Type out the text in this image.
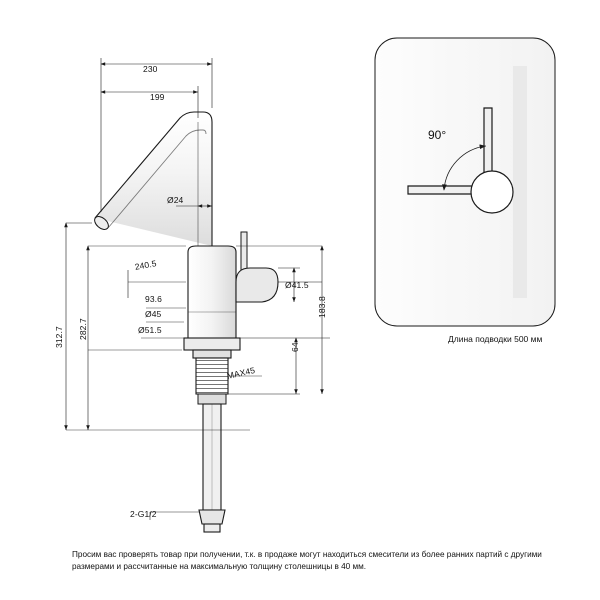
230
199
Ø24
312.7 282.7
240.5
93.6
Ø45
Ø51.5
Ø41.5
183.8
64
MAX45
2-G1/2
90°
Длина подводки 500 мм
Просим вас проверять товар при получении, т.к. в продаже могут находиться смесители из более ранних партий с другими размерами и рассчитанные на максимальную толщину столешницы в 40 мм.
